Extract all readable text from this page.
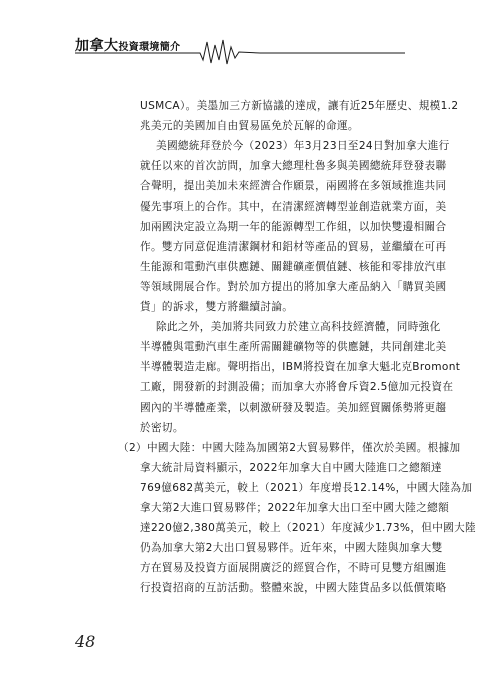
加拿大投資環境簡介
USMCA）。美墨加三方新協議的達成，讓有近25年歷史、規模1.2
兆美元的美國加自由貿易區免於瓦解的命運。
美國總統拜登於今（2023）年3月23日至24日對加拿大進行
就任以來的首次訪問，加拿大總理杜魯多與美國總統拜登發表聯
合聲明，提出美加未來經濟合作願景，兩國將在多領域推進共同
優先事項上的合作。其中，在清潔經濟轉型並創造就業方面，美
加兩國決定設立為期一年的能源轉型工作組，以加快雙邊相關合
作。雙方同意促進清潔鋼材和鋁材等產品的貿易，並繼續在可再
生能源和電動汽車供應鏈、關鍵礦產價值鏈、核能和零排放汽車
等領域開展合作。對於加方提出的將加拿大產品納入「購買美國
貨」的訴求，雙方將繼續討論。
除此之外，美加將共同致力於建立高科技經濟體，同時強化
半導體與電動汽車生產所需關鍵礦物等的供應鏈，共同創建北美
半導體製造走廊。聲明指出，IBM將投資在加拿大魁北克Bromont
工廠，開發新的封測設備；而加拿大亦將會斥資2.5億加元投資在
國內的半導體產業，以刺激研發及製造。美加經貿關係勢將更趨
於密切。
（2）中國大陸：中國大陸為加國第2大貿易夥伴，僅次於美國。根據加
拿大統計局資料顯示，2022年加拿大自中國大陸進口之總額達
769億682萬美元，較上（2021）年度增長12.14%，中國大陸為加
拿大第2大進口貿易夥伴；2022年加拿大出口至中國大陸之總額
達220億2,380萬美元，較上（2021）年度減少1.73%，但中國大陸
仍為加拿大第2大出口貿易夥伴。近年來，中國大陸與加拿大雙
方在貿易及投資方面展開廣泛的經貿合作，不時可見雙方組團進
行投資招商的互訪活動。整體來說，中國大陸貨品多以低價策略
48
